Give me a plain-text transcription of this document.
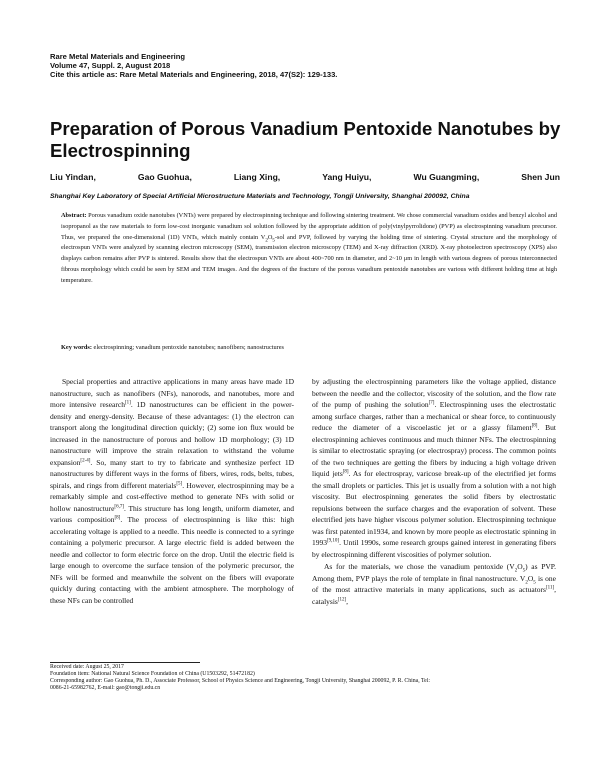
Rare Metal Materials and Engineering
Volume 47, Suppl. 2, August 2018
Cite this article as: Rare Metal Materials and Engineering, 2018, 47(S2): 129-133.
Preparation of Porous Vanadium Pentoxide Nanotubes by Electrospinning
Liu Yindan,	Gao Guohua,	Liang Xing,	Yang Huiyu,	Wu Guangming,	Shen Jun
Shanghai Key Laboratory of Special Artificial Microstructure Materials and Technology, Tongji University, Shanghai 200092, China
Abstract: Porous vanadium oxide nanotubes (VNTs) were prepared by electrospinning technique and following sintering treatment. We chose commercial vanadium oxides and benzyl alcohol and isopropanol as the raw materials to form low-cost inorganic vanadium sol solution followed by the appropriate addition of poly(vinylpyrrolidone) (PVP) as electrospinning vanadium precursor. Thus, we prepared the one-dimensional (1D) VNTs, which mainly contain $V_2O_5$-sol and PVP, followed by varying the holding time of sintering. Crystal structure and the morphology of electrospun VNTs were analyzed by scanning electron microscopy (SEM), transmission electron microscopy (TEM) and X-ray diffraction (XRD). X-ray photoelectron spectroscopy (XPS) also displays carbon remains after PVP is sintered. Results show that the electrospun VNTs are about 400~700 nm in diameter, and 2~10 μm in length with various degrees of porous interconnected fibrous morphology which could be seen by SEM and TEM images. And the degrees of the fracture of the porous vanadium pentoxide nanotubes are various with different holding time at high temperature.
Key words: electrospinning; vanadium pentoxide nanotubes; nanofibers; nanostructures

Special properties and attractive applications in many areas have made 1D nanostructure, such as nanofibers (NFs), nanorods, and nanotubes, more and more intensive research[1]. 1D nanostructures can be efficient in the power-density and energy-density. Because of these advantages: (1) the electron can transport along the longitudinal direction quickly; (2) some ion flux would be increased in the nanostructure of porous and hollow 1D morphology; (3) 1D nanostructure will improve the strain relaxation to withstand the volume expansion[2-4]. So, many start to try to fabricate and synthesize perfect 1D nanostructures by different ways in the forms of fibers, wires, rods, belts, tubes, spirals, and rings from different materials[5]. However, electrospinning may be a remarkably simple and cost-effective method to generate NFs with solid or hollow nanostructure[6,7]. This structure has long length, uniform diameter, and various composition[8]. The process of electrospinning is like this: high accelerating voltage is applied to a needle. This needle is connected to a syringe containing a polymeric precursor. A large electric field is added between the needle and collector to form electric force on the drop. Until the electric field is large enough to overcome the surface tension of the polymeric precursor, the NFs will be formed and meanwhile the solvent on the fibers will evaporate quickly during contacting with the ambient atmosphere. The morphology of these NFs can be controlled

by adjusting the electrospinning parameters like the voltage applied, distance between the needle and the collector, viscosity of the solution, and the flow rate of the pump of pushing the solution[7]. Electrospinning uses the electrostatic among surface charges, rather than a mechanical or shear force, to continuously reduce the diameter of a viscoelastic jet or a glassy filament[8]. But electrospinning achieves continuous and much thinner NFs. The electrospinning is similar to electrostatic spraying (or electrospray) process. The common points of the two techniques are getting the fibers by inducing a high voltage driven liquid jets[8]. As for electrospray, varicose break-up of the electrified jet forms the small droplets or particles. This jet is usually from a solution with a not high viscosity. But electrospinning generates the solid fibers by electrostatic repulsions between the surface charges and the evaporation of solvent. These electrified jets have higher viscous polymer solution. Electrospinning technique was first patented in1934, and known by more people as electrostatic spinning in 1993[9,10]. Until 1990s, some research groups gained interest in generating fibers by electrospinning different viscosities of polymer solution.

As for the materials, we chose the vanadium pentoxide $(V_2O_5)$ as PVP. Among them, PVP plays the role of template in final nanostructure. $V_2O_5$ is one of the most attractive materials in many applications, such as actuators[11], catalysis[12],

Received date: August 25, 2017
Foundation item: National Natural Science Foundation of China (U1503292, 51472182)
Corresponding author: Gao Guohua, Ph. D., Associate Professor, School of Physics Science and Engineering, Tongji University, Shanghai 200092, P. R. China, Tel:
0086-21-65982762, E-mail: gao@tongji.edu.cn
